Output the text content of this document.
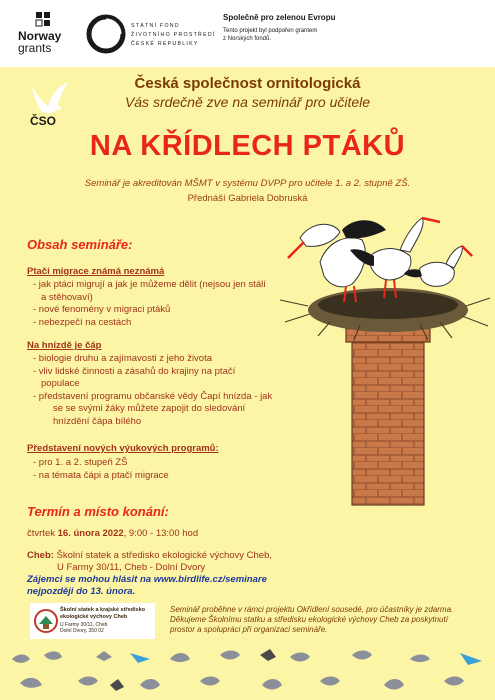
Norway
grants
STÁTNÍ FOND
ŽIVOTNÍHO PROSTŘEDÍ
ČESKÉ REPUBLIKY
Společně pro zelenou Evropu
Tento projekt byl podpořen grantem
z Norských fondů.
ČSO
Česká společnost ornitologická
Vás srdečně zve na seminář pro učitele
NA KŘÍDLECH PTÁKŮ
Seminář je akreditován MŠMT v systému DVPP pro učitele 1. a 2. stupně ZŠ.
Přednáší Gabriela Dobruská
Obsah semináře:
Ptačí migrace známá neznámá
- jak ptáci migrují a jak je můžeme dělit (nejsou jen stálí
a stěhovaví)
- nové fenomény v migraci ptáků
- nebezpečí na cestách
Na hnízdě je čáp
- biologie druhu a zajímavosti z jeho života
- vliv lidské činnosti a zásahů do krajiny na ptačí
populace
- představení programu občanské vědy Čapí hnízda - jak
se se svými žáky můžete zapojit do sledování
hnízdění čápa bílého
Představení nových výukových programů:
- pro 1. a 2. stupeň ZŠ
- na témata čápi a ptačí migrace
Termín a místo konání:
čtvrtek 16. února 2022, 9:00 - 13:00 hod
Cheb: Školní statek a středisko ekologické výchovy Cheb,
U Farmy 30/11, Cheb - Dolní Dvory
Zájemci se mohou hlásit na www.birdlife.cz/seminare
nejpozději do 13. února.
Školní statek a krajské středisko ekologické výchovy Cheb
U Farmy 30/11, Cheb
Dolní Dvory, 350 02
Seminář proběhne v rámci projektu Okřídlení sousedé, pro účastníky je zdarma.
Děkujeme Školnímu statku a středisku ekologické výchovy Cheb za poskytnutí
prostor a spolupráci při organizaci semináře.
